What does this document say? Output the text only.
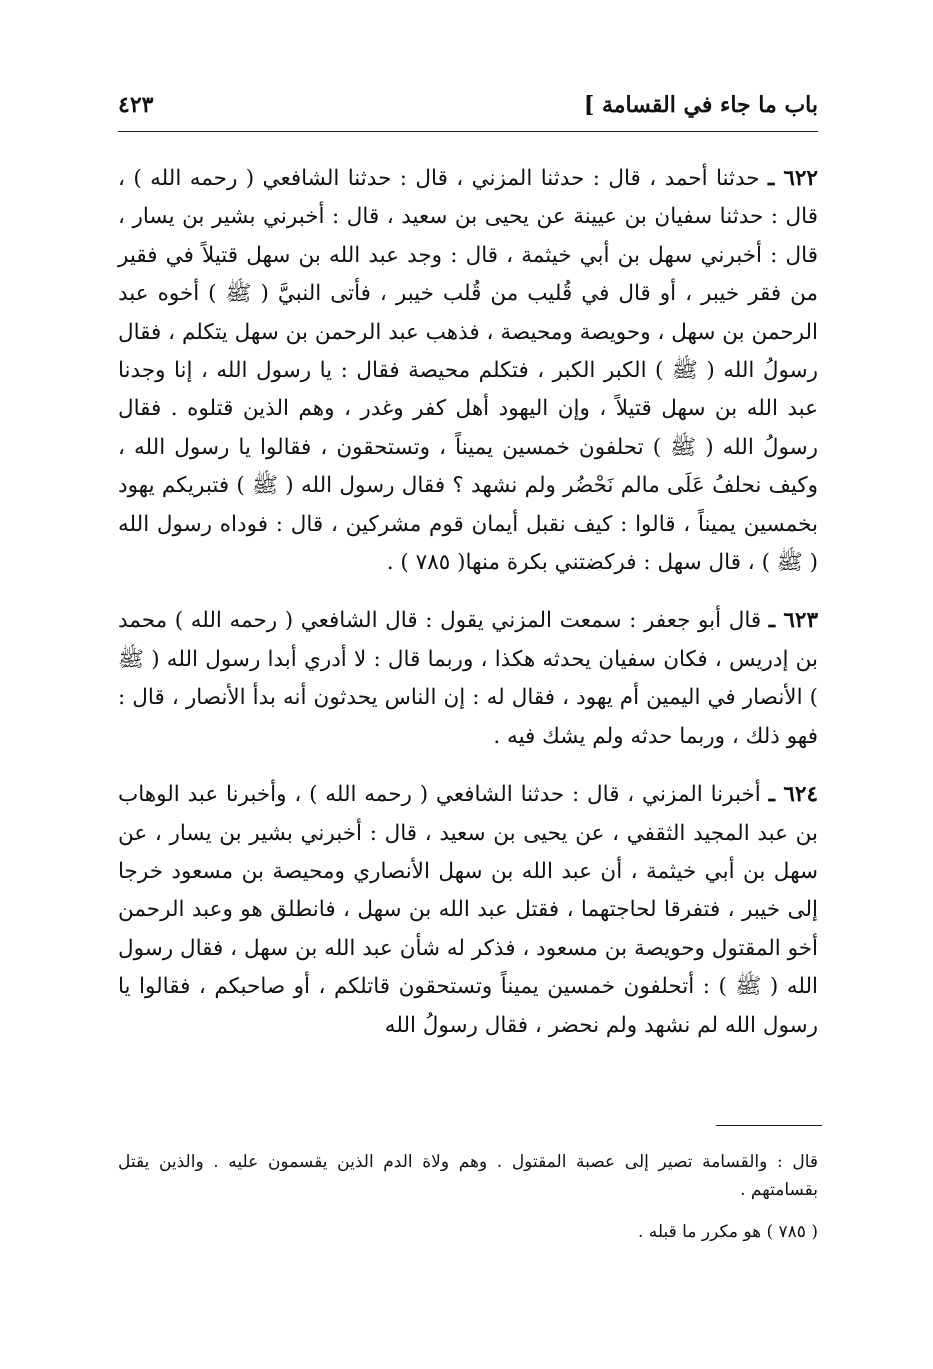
باب ما جاء في القسامة ]
٤٢٣

٦٢٢ ـ حدثنا أحمد ، قال : حدثنا المزني ، قال : حدثنا الشافعي ( رحمه الله ) ، قال : حدثنا سفيان بن عيينة عن يحيى بن سعيد ، قال : أخبرني بشير بن يسار ، قال : أخبرني سهل بن أبي خيثمة ، قال : وجد عبد الله بن سهل قتيلاً في فقير من فقر خيبر ، أو قال في قُليب من قُلب خيبر ، فأتى النبيَّ ( ﷺ ) أخوه عبد الرحمن بن سهل ، وحويصة ومحيصة ، فذهب عبد الرحمن بن سهل يتكلم ، فقال رسولُ الله ( ﷺ ) الكبر الكبر ، فتكلم محيصة فقال : يا رسول الله ، إنا وجدنا عبد الله بن سهل قتيلاً ، وإن اليهود أهل كفر وغدر ، وهم الذين قتلوه . فقال رسولُ الله ( ﷺ ) تحلفون خمسين يميناً ، وتستحقون ، فقالوا يا رسول الله ، وكيف نحلفُ عَلَى مالم نَحْضُر ولم نشهد ؟ فقال رسول الله ( ﷺ ) فتبريكم يهود بخمسين يميناً ، قالوا : كيف نقبل أيمان قوم مشركين ، قال : فوداه رسول الله ( ﷺ ) ، قال سهل : فركضتني بكرة منها( ٧٨٥ ) .

٦٢٣ ـ قال أبو جعفر : سمعت المزني يقول : قال الشافعي ( رحمه الله ) محمد بن إدريس ، فكان سفيان يحدثه هكذا ، وربما قال : لا أدري أبدا رسول الله ( ﷺ ) الأنصار في اليمين أم يهود ، فقال له : إن الناس يحدثون أنه بدأ الأنصار ، قال : فهو ذلك ، وربما حدثه ولم يشك فيه .

٦٢٤ ـ أخبرنا المزني ، قال : حدثنا الشافعي ( رحمه الله ) ، وأخبرنا عبد الوهاب بن عبد المجيد الثقفي ، عن يحيى بن سعيد ، قال : أخبرني بشير بن يسار ، عن سهل بن أبي خيثمة ، أن عبد الله بن سهل الأنصاري ومحيصة بن مسعود خرجا إلى خيبر ، فتفرقا لحاجتهما ، فقتل عبد الله بن سهل ، فانطلق هو وعبد الرحمن أخو المقتول وحويصة بن مسعود ، فذكر له شأن عبد الله بن سهل ، فقال رسول الله ( ﷺ ) : أتحلفون خمسين يميناً وتستحقون قاتلكم ، أو صاحبكم ، فقالوا يا رسول الله لم نشهد ولم نحضر ، فقال رسولُ الله

قال : والقسامة تصير إلى عصبة المقتول . وهم ولاة الدم الذين يقسمون عليه . والذين يقتل بقسامتهم .

( ٧٨٥ ) هو مكرر ما قبله .
